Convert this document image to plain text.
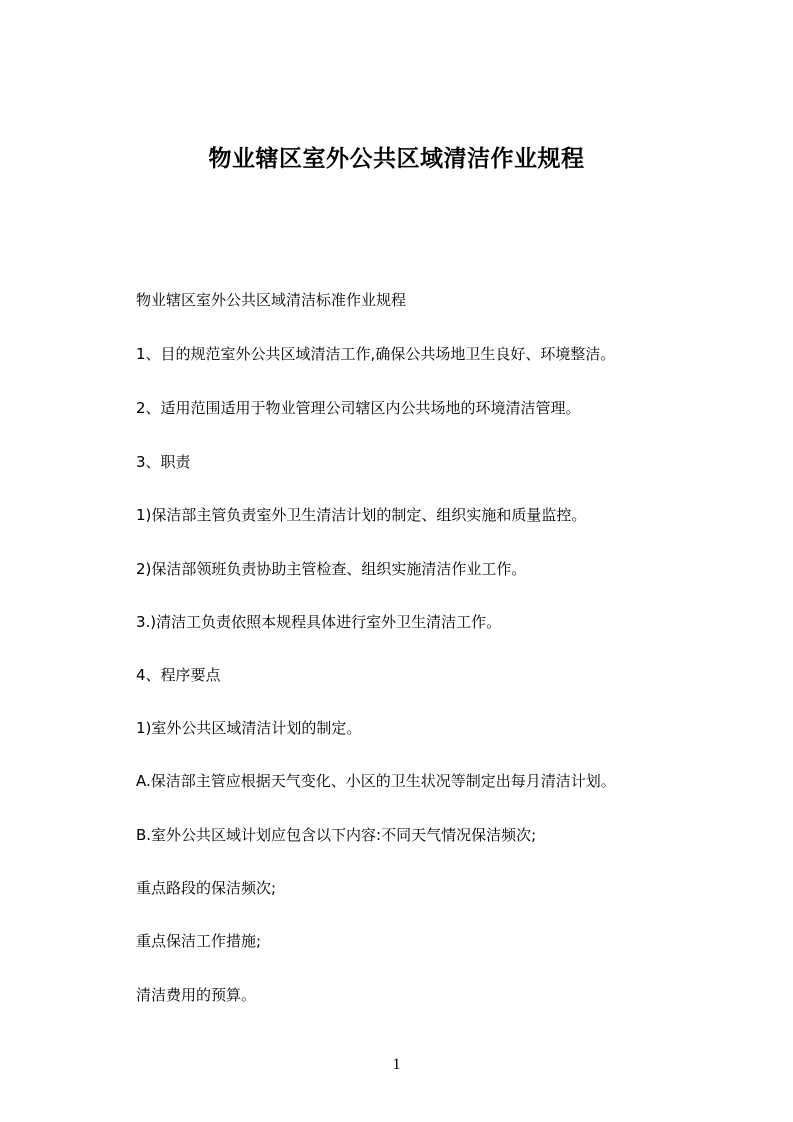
物业辖区室外公共区域清洁作业规程

物业辖区室外公共区域清洁标准作业规程

1、目的规范室外公共区域清洁工作,确保公共场地卫生良好、环境整洁。

2、适用范围适用于物业管理公司辖区内公共场地的环境清洁管理。

3、职责

1)保洁部主管负责室外卫生清洁计划的制定、组织实施和质量监控。

2)保洁部领班负责协助主管检查、组织实施清洁作业工作。

3.)清洁工负责依照本规程具体进行室外卫生清洁工作。

4、程序要点

1)室外公共区域清洁计划的制定。

A.保洁部主管应根据天气变化、小区的卫生状况等制定出每月清洁计划。

B.室外公共区域计划应包含以下内容:不同天气情况保洁频次;

重点路段的保洁频次;

重点保洁工作措施;

清洁费用的预算。

1
